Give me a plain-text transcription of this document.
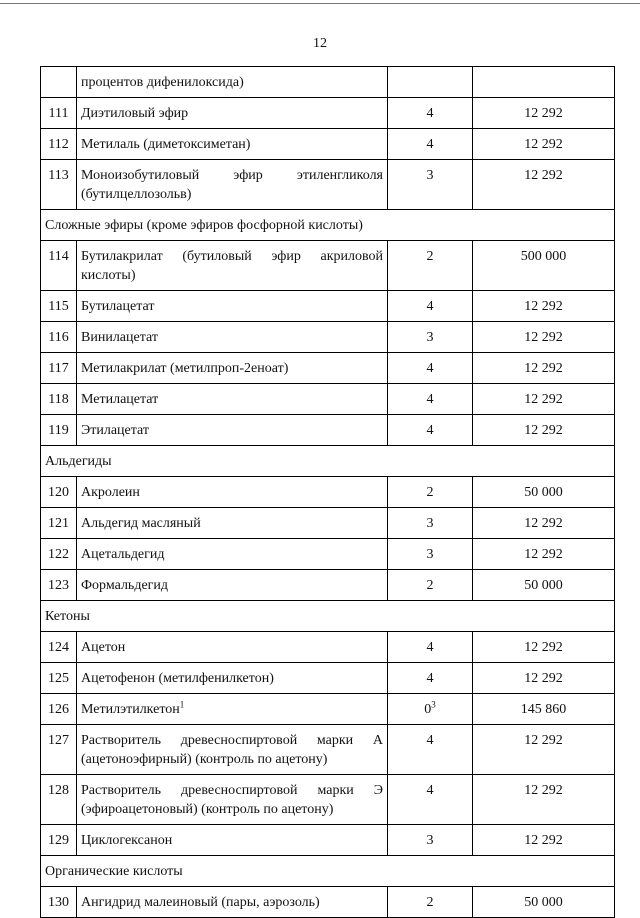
12
	процентов дифенилоксида)		
111	Диэтиловый эфир	4	12 292
112	Метилаль (диметоксиметан)	4	12 292
113	Моноизобутиловый эфир этиленгликоля (бутилцеллозольв)	3	12 292
Сложные эфиры (кроме эфиров фосфорной кислоты)			
114	Бутилакрилат (бутиловый эфир акриловой кислоты)	2	500 000
115	Бутилацетат	4	12 292
116	Винилацетат	3	12 292
117	Метилакрилат (метилпроп-2еноат)	4	12 292
118	Метилацетат	4	12 292
119	Этилацетат	4	12 292
Альдегиды			
120	Акролеин	2	50 000
121	Альдегид масляный	3	12 292
122	Ацетальдегид	3	12 292
123	Формальдегид	2	50 000
Кетоны			
124	Ацетон	4	12 292
125	Ацетофенон (метилфенилкетон)	4	12 292
126	Метилэтилкетон$^1$	$0^3$	145 860
127	Растворитель древесноспиртовой марки А (ацетоноэфирный) (контроль по ацетону)	4	12 292
128	Растворитель древесноспиртовой марки Э (эфироацетоновый) (контроль по ацетону)	4	12 292
129	Циклогексанон	3	12 292
Органические кислоты			
130	Ангидрид малеиновый (пары, аэрозоль)	2	50 000
